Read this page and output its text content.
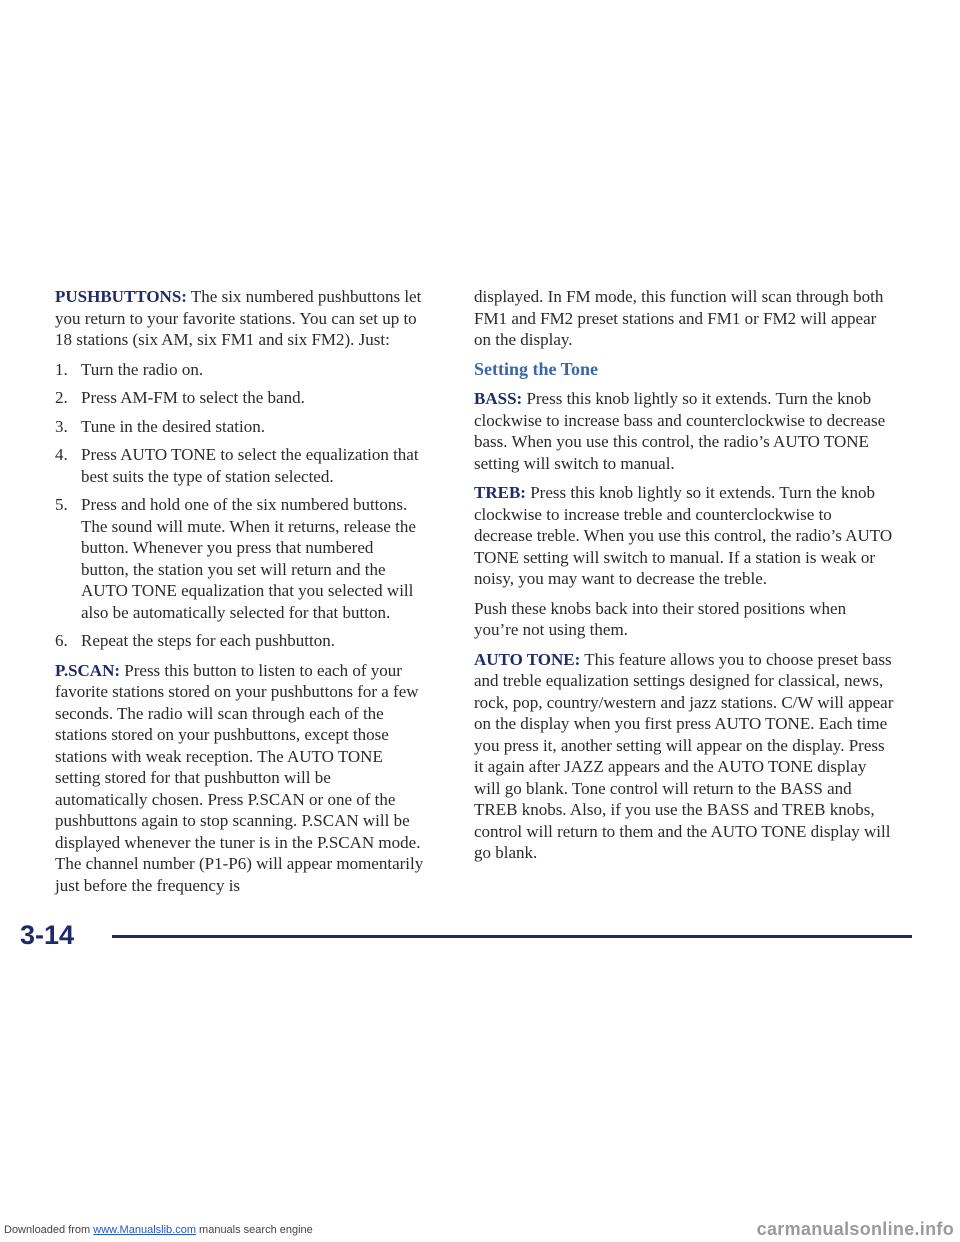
PUSHBUTTONS: The six numbered pushbuttons let you return to your favorite stations. You can set up to 18 stations (six AM, six FM1 and six FM2). Just:

1. Turn the radio on.
2. Press AM-FM to select the band.
3. Tune in the desired station.
4. Press AUTO TONE to select the equalization that best suits the type of station selected.
5. Press and hold one of the six numbered buttons. The sound will mute. When it returns, release the button. Whenever you press that numbered button, the station you set will return and the AUTO TONE equalization that you selected will also be automatically selected for that button.
6. Repeat the steps for each pushbutton.

P.SCAN: Press this button to listen to each of your favorite stations stored on your pushbuttons for a few seconds. The radio will scan through each of the stations stored on your pushbuttons, except those stations with weak reception. The AUTO TONE setting stored for that pushbutton will be automatically chosen. Press P.SCAN or one of the pushbuttons again to stop scanning. P.SCAN will be displayed whenever the tuner is in the P.SCAN mode. The channel number (P1-P6) will appear momentarily just before the frequency is

displayed. In FM mode, this function will scan through both FM1 and FM2 preset stations and FM1 or FM2 will appear on the display.

Setting the Tone

BASS: Press this knob lightly so it extends. Turn the knob clockwise to increase bass and counterclockwise to decrease bass. When you use this control, the radio’s AUTO TONE setting will switch to manual.

TREB: Press this knob lightly so it extends. Turn the knob clockwise to increase treble and counterclockwise to decrease treble. When you use this control, the radio’s AUTO TONE setting will switch to manual. If a station is weak or noisy, you may want to decrease the treble.

Push these knobs back into their stored positions when you’re not using them.

AUTO TONE: This feature allows you to choose preset bass and treble equalization settings designed for classical, news, rock, pop, country/western and jazz stations. C/W will appear on the display when you first press AUTO TONE. Each time you press it, another setting will appear on the display. Press it again after JAZZ appears and the AUTO TONE display will go blank. Tone control will return to the BASS and TREB knobs. Also, if you use the BASS and TREB knobs, control will return to them and the AUTO TONE display will go blank.

3-14
Downloaded from www.Manualslib.com manuals search engine	carmanualsonline.info
